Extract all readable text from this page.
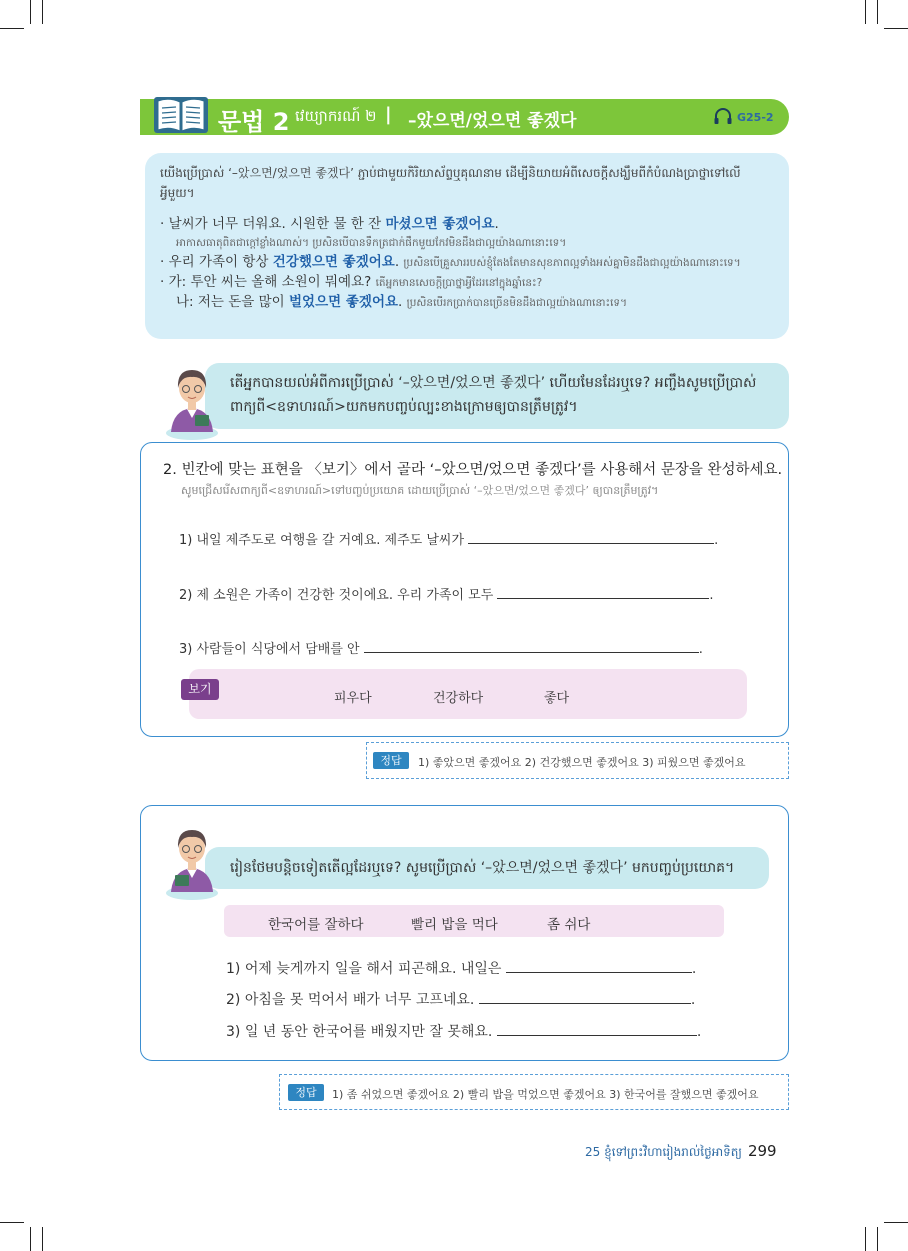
문법 2 វេយ្យាករណ៍ ២ | –았으면/었으면 좋겠다	G25-2

យើងប្រើប្រាស់ ‘–았으면/었으면 좋겠다’ ភ្ជាប់ជាមួយកិរិយាស័ព្ទឬគុណនាម ដើម្បីនិយាយអំពីសេចក្តីសង្ឃឹមពីកំបំណងប្រាថ្នាទៅលើអ្វីមួយ។

· 날씨가 너무 더워요. 시원한 물 한 잔 마셨으면 좋겠어요.
អាកាសធាតុពិតជាក្តៅខ្លាំងណាស់។ ប្រសិនបើបានទឹកត្រជាក់ផឹកមួយកែវមិនដឹងជាល្អយ៉ាងណានោះទេ។
· 우리 가족이 항상 건강했으면 좋겠어요. ប្រសិនបើគ្រួសាររបស់ខ្ញុំតែងតែមានសុខភាពល្អទាំងអស់គ្នាមិនដឹងជាល្អយ៉ាងណានោះទេ។
· 가: 투안 씨는 올해 소원이 뭐예요? តើអ្នកមានសេចក្តីប្រាថ្នាអ្វីដែរនៅក្នុងឆ្នាំនេះ?
나: 저는 돈을 많이 벌었으면 좋겠어요. ប្រសិនបើរកប្រាក់បានច្រើនមិនដឹងជាល្អយ៉ាងណានោះទេ។
តើអ្នកបានយល់អំពីការប្រើប្រាស់ ‘–았으면/었으면 좋겠다’ ហើយមែនដែរឬទេ? អញ្ចឹងសូមប្រើប្រាស់
ពាក្យពី<ឧទាហរណ៍>យកមកបញ្ចប់ល្បះខាងក្រោមឲ្យបានត្រឹមត្រូវ។
2. 빈칸에 맞는 표현을 〈보기〉에서 골라 ‘–았으면/었으면 좋겠다’를 사용해서 문장을 완성하세요.
សូមជ្រើសរើសពាក្យពី<ឧទាហរណ៍>ទៅបញ្ចប់ប្រយោគ ដោយប្រើប្រាស់ ‘–았으면/었으면 좋겠다’ ឲ្យបានត្រឹមត្រូវ។
1) 내일 제주도로 여행을 갈 거예요. 제주도 날씨가	.
2) 제 소원은 가족이 건강한 것이에요. 우리 가족이 모두	.
3) 사람들이 식당에서 담배를 안	.
보기
피우다	건강하다	좋다
정답	1) 좋았으면 좋겠어요 2) 건강했으면 좋겠어요 3) 피웠으면 좋겠어요
한국어를 잘하다	빨리 밥을 먹다	좀 쉬다
1) 어제 늦게까지 일을 해서 피곤해요. 내일은	.
2) 아침을 못 먹어서 배가 너무 고프네요.	.
3) 일 년 동안 한국어를 배웠지만 잘 못해요.	.
រៀនថែមបន្តិចទៀតតើល្អដែរឬទេ? សូមប្រើប្រាស់ ‘–았으면/었으면 좋겠다’ មកបញ្ចប់ប្រយោគ។
정답	1) 좀 쉬었으면 좋겠어요 2) 빨리 밥을 먹었으면 좋겠어요 3) 한국어를 잘했으면 좋겠어요
25 ខ្ញុំទៅព្រះវិហារៀងរាល់ថ្ងៃអាទិត្យ 299
